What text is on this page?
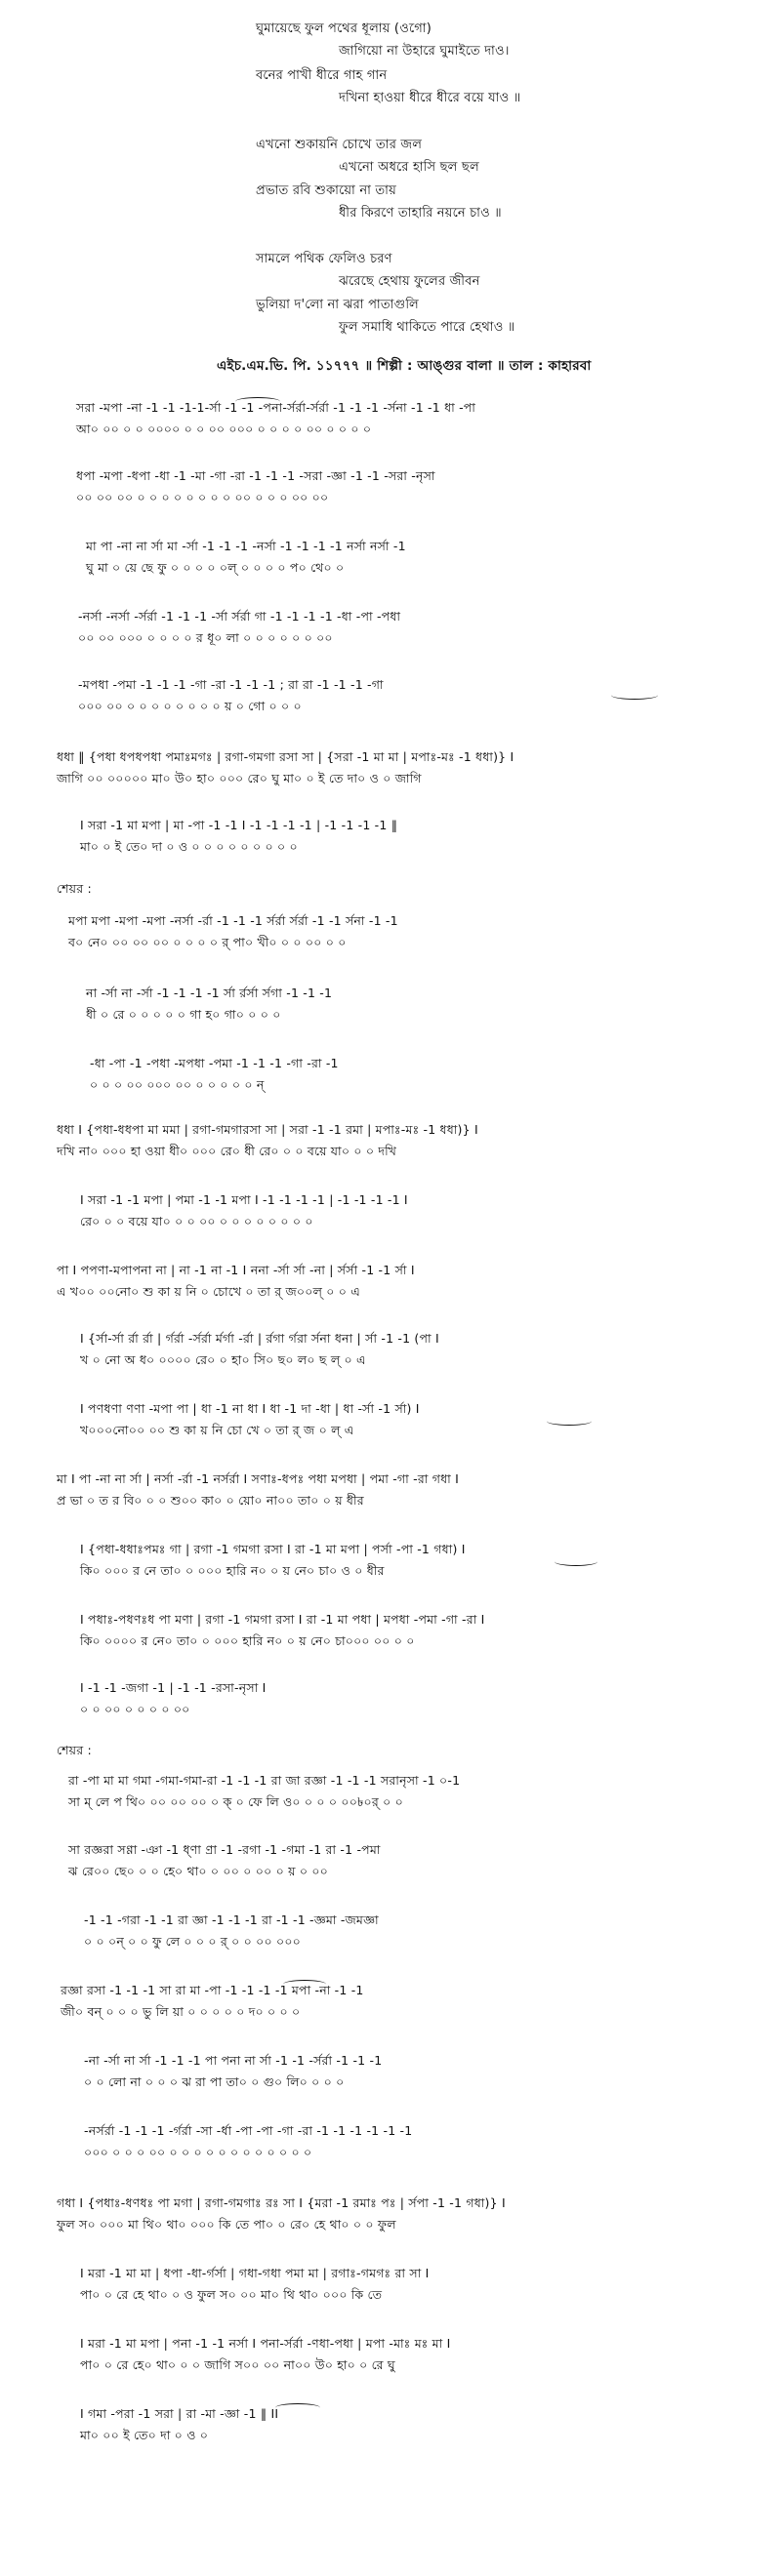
ঘুমায়েছে ফুল পথের ধূলায় (ওগো)
জাগিয়ো না উহারে ঘুমাইতে দাও।
বনের পাখী ধীরে গাহ গান
দখিনা হাওয়া ধীরে ধীরে বয়ে যাও ॥
এখনো শুকায়নি চোখে তার জল
এখনো অধরে হাসি ছল ছল
প্রভাত রবি শুকায়ো না তায়
ধীর কিরণে তাহারি নয়নে চাও ॥
সামলে পথিক ফেলিও চরণ
ঝরেছে হেথায় ফুলের জীবন
ভুলিয়া দ'লো না ঝরা পাতাগুলি
ফুল সমাধি থাকিতে পারে হেথাও ॥
এইচ.এম.ভি. পি. ১১৭৭৭ ॥ শিল্পী : আঙ্গুর বালা ॥ তাল : কাহারবা
সরা -মপা -না -1 -1 -1-1-র্সা -1 -1 -পনা-র্সর্রা-র্সর্রা -1 -1 -1 -র্সনা -1 -1 ধা -পা
আ০ ০০ ০ ০ ০০০০ ০ ০ ০০ ০০০ ০ ০ ০ ০ ০০ ০ ০ ০ ০
ধপা -মপা -ধপা -ধা -1 -মা -গা -রা -1 -1 -1 -সরা -জ্ঞা -1 -1 -সরা -নৃসা
০০ ০০ ০০ ০ ০ ০ ০ ০ ০ ০ ০ ০০ ০ ০ ০ ০০ ০০
মা পা -না না র্সা মা -র্সা -1 -1 -1 -নর্সা -1 -1 -1 -1 নর্সা নর্সা -1
ঘু মা ০ য়ে ছে ফু ০ ০ ০ ০ ০ল্ ০ ০ ০ ০ প০ থে০ ০
-নর্সা -নর্সা -র্সর্রা -1 -1 -1 -র্সা র্সর্রা গা -1 -1 -1 -1 -ধা -পা -পধা
০০ ০০ ০০০ ০ ০ ০ ০ র ধূ০ লা ০ ০ ০ ০ ০ ০ ০০
-মপধা -পমা -1 -1 -1 -গা -রা -1 -1 -1 ; রা রা -1 -1 -1 -গা
০০০ ০০ ০ ০ ০ ০ ০ ০ ০ ০ য় ০ গো ০ ০ ০
ধধা ‖ {পধা ধপধপধা পমাঃমগঃ | রগা-গমগা রসা সা | {সরা -1 মা মা | মপাঃ-মঃ -1 ধধা)} I
জাগি ০০ ০০০০০ মা০ উ০ হা০ ০০০ রে০ ঘু মা০ ০ ই তে দা০ ও ০ জাগি
I সরা -1 মা মপা | মা -পা -1 -1 I -1 -1 -1 -1 | -1 -1 -1 -1 ‖
মা০ ০ ই তে০ দা ০ ও ০ ০ ০ ০ ০ ০ ০ ০ ০
শেয়র :
মপা মপা -মপা -মপা -নর্সা -র্রা -1 -1 -1 র্সর্রা র্সর্রা -1 -1 র্সনা -1 -1
ব০ নে০ ০০ ০০ ০০ ০ ০ ০ ০ র্ পা০ খী০ ০ ০ ০০ ০ ০
না -র্সা না -র্সা -1 -1 -1 -1 র্সা র্রর্সা র্সগা -1 -1 -1
ধী ০ রে ০ ০ ০ ০ ০ গা হ০ গা০ ০ ০ ০
-ধা -পা -1 -পধা -মপধা -পমা -1 -1 -1 -গা -রা -1
০ ০ ০ ০০ ০০০ ০০ ০ ০ ০ ০ ০ ন্
ধধা I {পধা-ধধপা মা মমা | রগা-গমগারসা সা | সরা -1 -1 রমা | মপাঃ-মঃ -1 ধধা)} I
দখি না০ ০০০ হা ওয়া ধী০ ০০০ রে০ ধী রে০ ০ ০ বয়ে যা০ ০ ০ দখি
I সরা -1 -1 মপা | পমা -1 -1 মপা I -1 -1 -1 -1 | -1 -1 -1 -1 I
রে০ ০ ০ বয়ে যা০ ০ ০ ০০ ০ ০ ০ ০ ০ ০ ০ ০
পা I পপণা-মপাপনা না | না -1 না -1 I ননা -র্সা র্সা -না | র্সর্সা -1 -1 র্সা I
এ খ০০ ০০নো০ শু কা য় নি ০ চোখে ০ তা র্ জ০০ল্ ০ ০ এ
I {র্সা-র্সা র্রা র্রা | র্গর্রা -র্সর্রা র্মর্গা -র্রা | র্রগা র্গরা র্সনা ধনা | র্সা -1 -1 (পা I
খ ০ নো অ ধ০ ০০০০ রে০ ০ হা০ সি০ ছ০ ল০ ছ ল্ ০ এ
I পণধণা ণণা -মপা পা | ধা -1 না ধা I ধা -1 দা -ধা | ধা -র্সা -1 র্সা) I
খ০০০নো০০ ০০ শু কা য় নি চো খে ০ তা র্ জ ০ ল্ এ
মা I পা -না না র্সা | নর্সা -র্রা -1 নর্সর্রা I সণাঃ-ধপঃ পধা মপধা | পমা -গা -রা গধা I
প্র ভা ০ ত র বি০ ০ ০ শু০০ কা০ ০ য়ো০ না০০ তা০ ০ য় ধীর
I {পধা-ধধাঃপমঃ গা | রগা -1 গমগা রসা I রা -1 মা মপা | পর্সা -পা -1 গধা) I
কি০ ০০০ র নে তা০ ০ ০০০ হারি ন০ ০ য় নে০ চা০ ও ০ ধীর
I পধাঃ-পধণঃধ পা মণা | রগা -1 গমগা রসা I রা -1 মা পধা | মপধা -পমা -গা -রা I
কি০ ০০০০ র নে০ তা০ ০ ০০০ হারি ন০ ০ য় নে০ চা০০০ ০০ ০ ০
I -1 -1 -জগা -1 | -1 -1 -রসা-নৃসা I
০ ০ ০০ ০ ০ ০ ০ ০০
শেয়র :
রা -পা মা মা গমা -গমা-গমা-রা -1 -1 -1 রা জা রজ্ঞা -1 -1 -1 সরানৃসা -1 ০-1
সা ম্ লে প থি০ ০০ ০০ ০০ ০ ক্ ০ ফে লি ও০ ০ ০ ০ ০০৳০র্ ০ ০
সা রজ্ঞরা সণ্ণা -ঞা -1 ধ্ণা ণ্রা -1 -রগা -1 -গমা -1 রা -1 -পমা
ঝ রে০০ ছে০ ০ ০ হে০ থা০ ০ ০০ ০ ০০ ০ য় ০ ০০
-1 -1 -গরা -1 -1 রা জ্ঞা -1 -1 -1 রা -1 -1 -জ্ঞমা -জমজ্ঞা
০ ০ ০ন্ ০ ০ ফু লে ০ ০ ০ র্ ০ ০ ০০ ০০০
রজ্ঞা রসা -1 -1 -1 সা রা মা -পা -1 -1 -1 -1 মপা -না -1 -1
জী০ বন্ ০ ০ ০ ভু লি য়া ০ ০ ০ ০ ০ দ০ ০ ০ ০
-না -র্সা না র্সা -1 -1 -1 পা পনা না র্সা -1 -1 -র্সর্রা -1 -1 -1
০ ০ লো না ০ ০ ০ ঝ রা পা তা০ ০ গু০ লি০ ০ ০ ০
-নর্সর্রা -1 -1 -1 -র্গর্রা -সা -র্ধা -পা -পা -গা -রা -1 -1 -1 -1 -1 -1
০০০ ০ ০ ০ ০০ ০ ০ ০ ০ ০ ০ ০ ০ ০ ০ ০ ০
গধা I {পধাঃ-ধণধঃ পা মগা | রগা-গমগাঃ রঃ সা I {মরা -1 রমাঃ পঃ | র্সপা -1 -1 গধা)} I
ফুল স০ ০০০ মা থি০ থা০ ০০০ কি তে পা০ ০ রে০ হে থা০ ০ ০ ফুল
I মরা -1 মা মা | ধপা -ধা-র্গর্সা | গধা-গধা পমা মা | রগাঃ-গমগঃ রা সা I
পা০ ০ রে হে থা০ ০ ও ফুল স০ ০০ মা০ থি থা০ ০০০ কি তে
I মরা -1 মা মপা | পনা -1 -1 নর্সা I পনা-র্সর্রা -ণধা-পধা | মপা -মাঃ মঃ মা I
পা০ ০ রে হে০ থা০ ০ ০ জাগি স০০ ০০ না০০ উ০ হা০ ০ রে ঘু
I গমা -পরা -1 সরা | রা -মা -জ্ঞা -1 ‖ II
মা০ ০০ ই তে০ দা ০ ও ০
